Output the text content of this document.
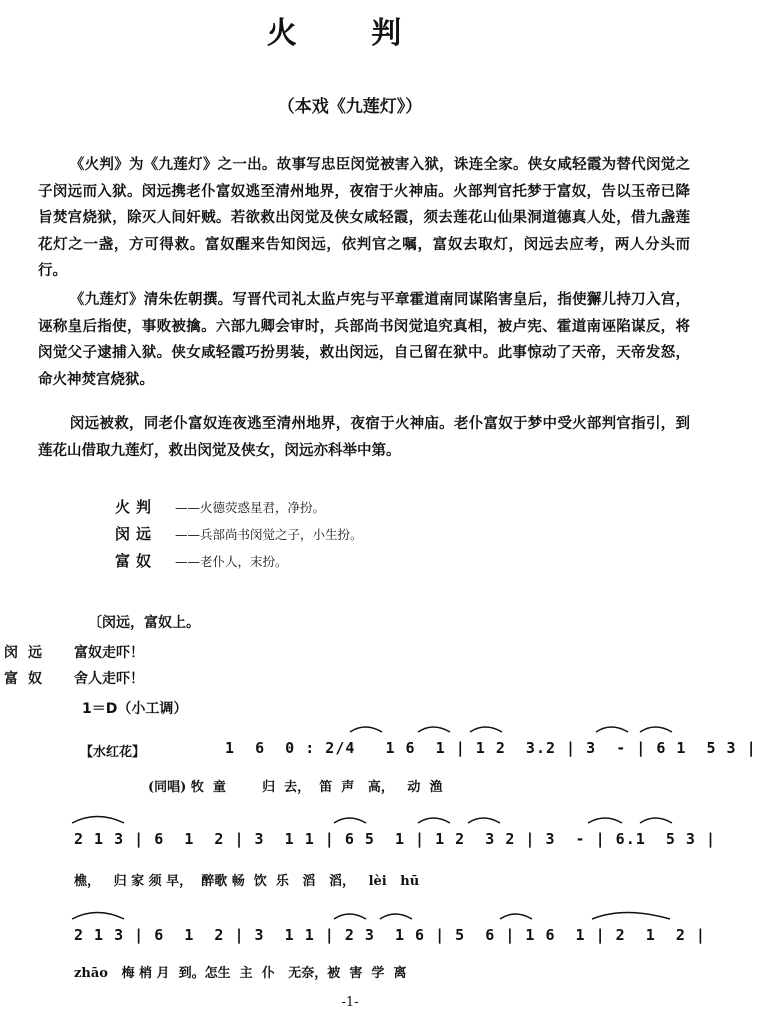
火 判
（本戏《九莲灯》）
《火判》为《九莲灯》之一出。故事写忠臣闵觉被害入狱，诛连全家。侠女咸轻霞为替代闵觉之子闵远而入狱。闵远携老仆富奴逃至清州地界，夜宿于火神庙。火部判官托梦于富奴，告以玉帝已降旨焚宫烧狱，除灭人间奸贼。若欲救出闵觉及侠女咸轻霞，须去莲花山仙果洞道德真人处，借九盏莲花灯之一盏，方可得救。富奴醒来告知闵远，依判官之嘱，富奴去取灯，闵远去应考，两人分头而行。
《九莲灯》清朱佐朝撰。写晋代司礼太监卢宪与平章霍道南同谋陷害皇后，指使獬儿持刀入宫，诬称皇后指使，事败被擒。六部九卿会审时，兵部尚书闵觉追究真相，被卢宪、霍道南诬陷谋反，将闵觉父子逮捕入狱。侠女咸轻霞巧扮男装，救出闵远，自己留在狱中。此事惊动了天帝，天帝发怒，命火神焚宫烧狱。
闵远被救，同老仆富奴连夜逃至清州地界，夜宿于火神庙。老仆富奴于梦中受火部判官指引，到莲花山借取九莲灯，救出闵觉及侠女，闵远亦科举中第。
火判	——火德荧惑星君，净扮。
闵远	——兵部尚书闵觉之子，小生扮。
富奴	——老仆人，末扮。
〔闵远，富奴上。
闵远	富奴走吓！
富奴	舍人走吓！
1＝D（小工调）
【水红花】	1  6  0 : 2/4   1 6  1 | 1 2  3.2 | 3  - | 6 1  5 3 |
(同唱) 牧  童        归  去，  笛  声   高，   动  渔
2 1 3 | 6  1  2 | 3  1 1 | 6 5  1 | 1 2  3 2 | 3  - | 6.1  5 3 |
樵，   归 家 须 早，  醉歌 畅  饮  乐   滔   滔，   lèi   hū
2 1 3 | 6  1  2 | 3  1 1 | 2 3  1 6 | 5  6 | 1 6  1 | 2  1  2 |
zhāo   梅 梢 月  到。怎生  主  仆   无奈，被  害  学  离
-1-
